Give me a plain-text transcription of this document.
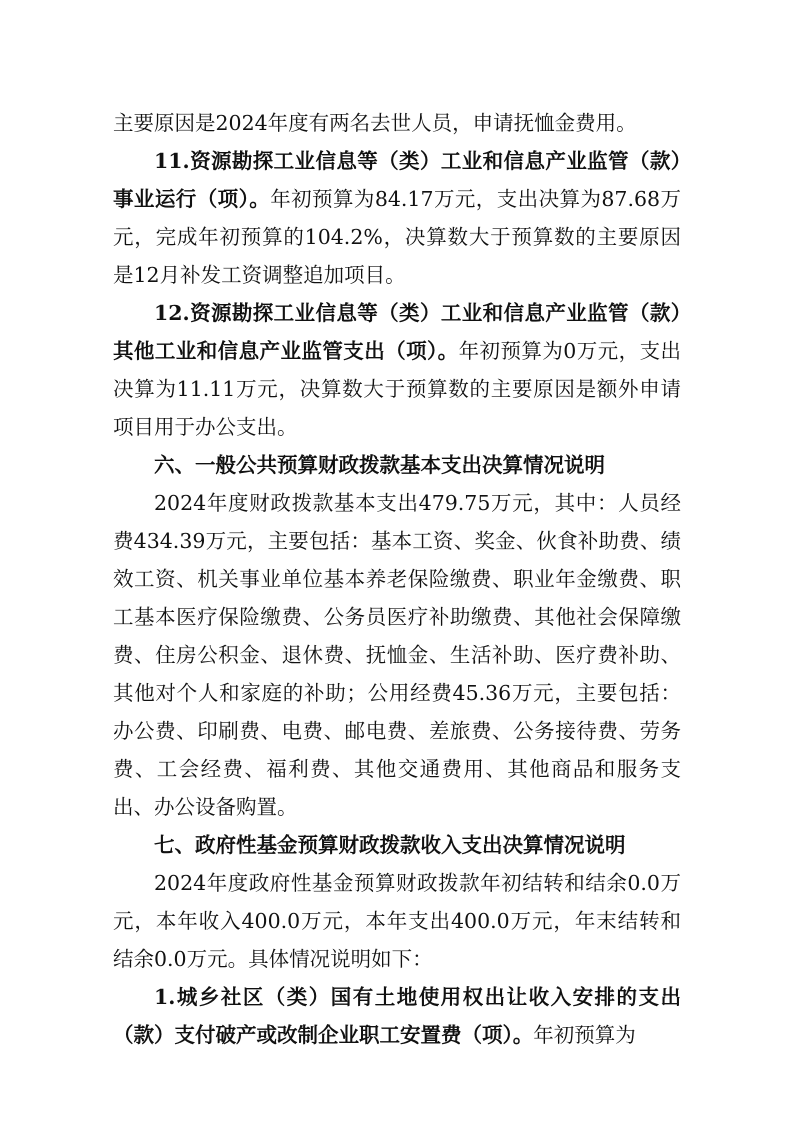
主要原因是2024年度有两名去世人员，申请抚恤金费用。

11.资源勘探工业信息等（类）工业和信息产业监管（款）事业运行（项）。年初预算为84.17万元，支出决算为87.68万元，完成年初预算的104.2%，决算数大于预算数的主要原因是12月补发工资调整追加项目。

12.资源勘探工业信息等（类）工业和信息产业监管（款）其他工业和信息产业监管支出（项）。年初预算为0万元，支出决算为11.11万元，决算数大于预算数的主要原因是额外申请项目用于办公支出。

六、一般公共预算财政拨款基本支出决算情况说明

2024年度财政拨款基本支出479.75万元，其中：人员经费434.39万元，主要包括：基本工资、奖金、伙食补助费、绩效工资、机关事业单位基本养老保险缴费、职业年金缴费、职工基本医疗保险缴费、公务员医疗补助缴费、其他社会保障缴费、住房公积金、退休费、抚恤金、生活补助、医疗费补助、其他对个人和家庭的补助；公用经费45.36万元，主要包括：办公费、印刷费、电费、邮电费、差旅费、公务接待费、劳务费、工会经费、福利费、其他交通费用、其他商品和服务支出、办公设备购置。

七、政府性基金预算财政拨款收入支出决算情况说明

2024年度政府性基金预算财政拨款年初结转和结余0.0万元，本年收入400.0万元，本年支出400.0万元，年末结转和结余0.0万元。具体情况说明如下：

1.城乡社区（类）国有土地使用权出让收入安排的支出（款）支付破产或改制企业职工安置费（项）。年初预算为
